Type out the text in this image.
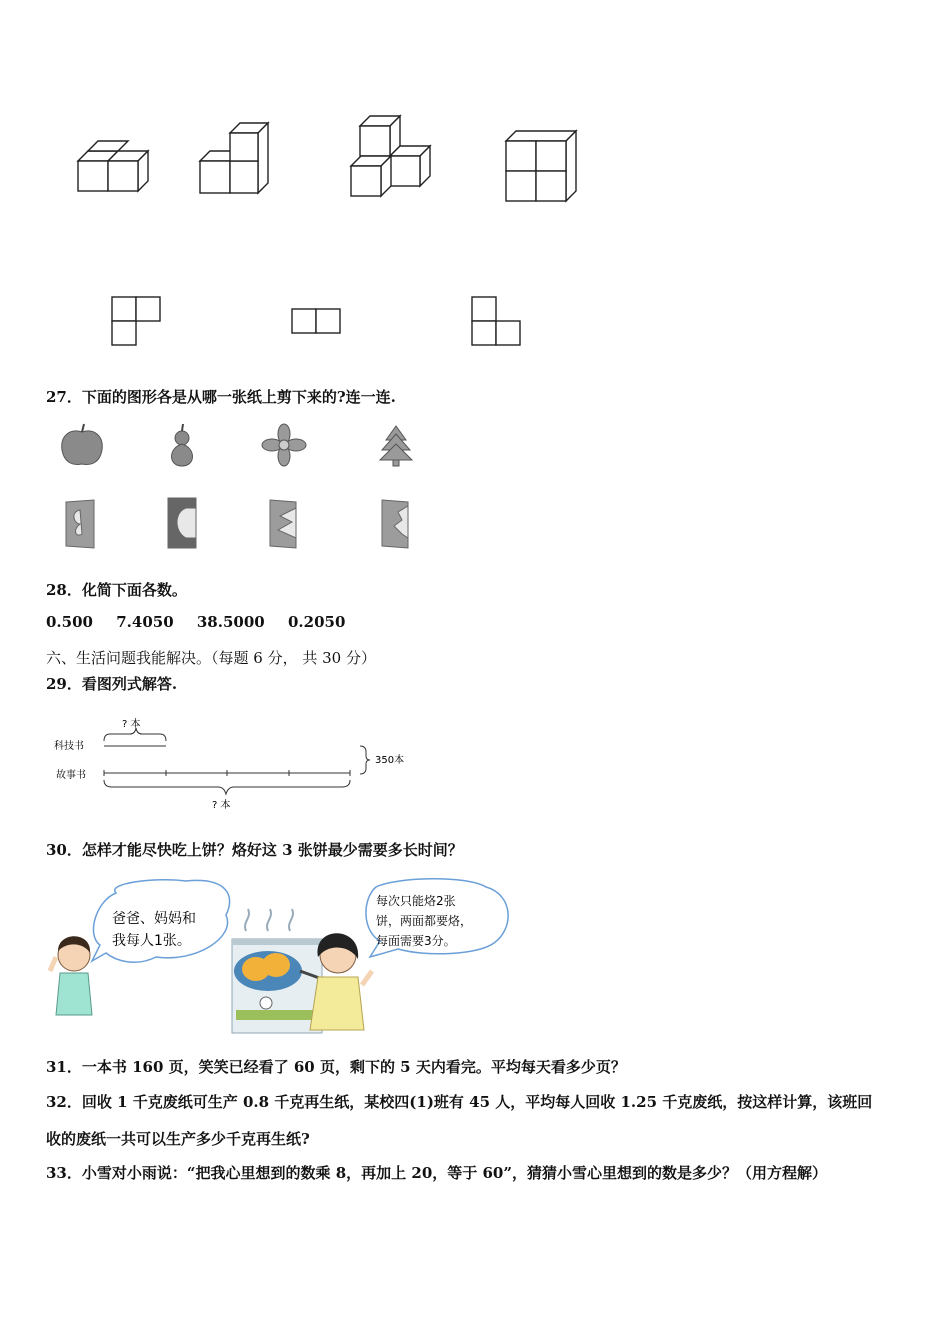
27．下面的图形各是从哪一张纸上剪下来的?连一连.
28．化简下面各数。
0.500 7.4050 38.5000 0.2050
六、生活问题我能解决。（每题 6 分， 共 30 分）
29．看图列式解答.
? 本
科技书
故事书
? 本
350本
30．怎样才能尽快吃上饼？烙好这 3 张饼最少需要多长时间？
爸爸、妈妈和
我每人1张。
每次只能烙2张
饼，两面都要烙，
每面需要3分。
31．一本书 160 页，笑笑已经看了 60 页，剩下的 5 天内看完。平均每天看多少页？
32．回收 1 千克废纸可生产 0.8 千克再生纸，某校四(1)班有 45 人，平均每人回收 1.25 千克废纸，按这样计算，该班回
收的废纸一共可以生产多少千克再生纸?
33．小雪对小雨说：“把我心里想到的数乘 8，再加上 20，等于 60”，猜猜小雪心里想到的数是多少？（用方程解）
